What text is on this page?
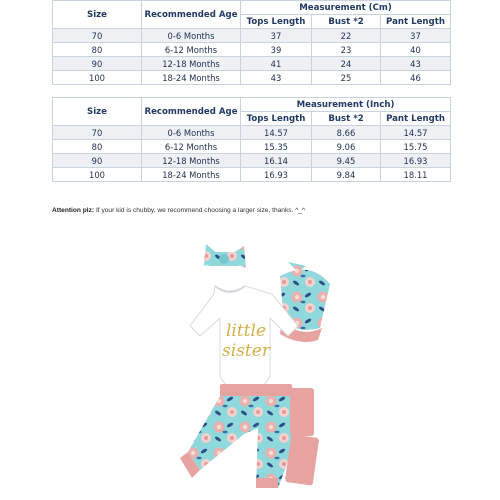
Size	Recommended Age	Measurement (Cm)		
		Tops Length	Bust *2	Pant Length
70	0-6 Months	37	22	37
80	6-12 Months	39	23	40
90	12-18 Months	41	24	43
100	18-24 Months	43	25	46
Size	Recommended Age	Measurement (Inch)		
		Tops Length	Bust *2	Pant Length
70	0-6 Months	14.57	8.66	14.57
80	6-12 Months	15.35	9.06	15.75
90	12-18 Months	16.14	9.45	16.93
100	18-24 Months	16.93	9.84	18.11
Attention plz: If your kid is chubby, we recommend choosing a larger size, thanks. ^_^
little
sister
